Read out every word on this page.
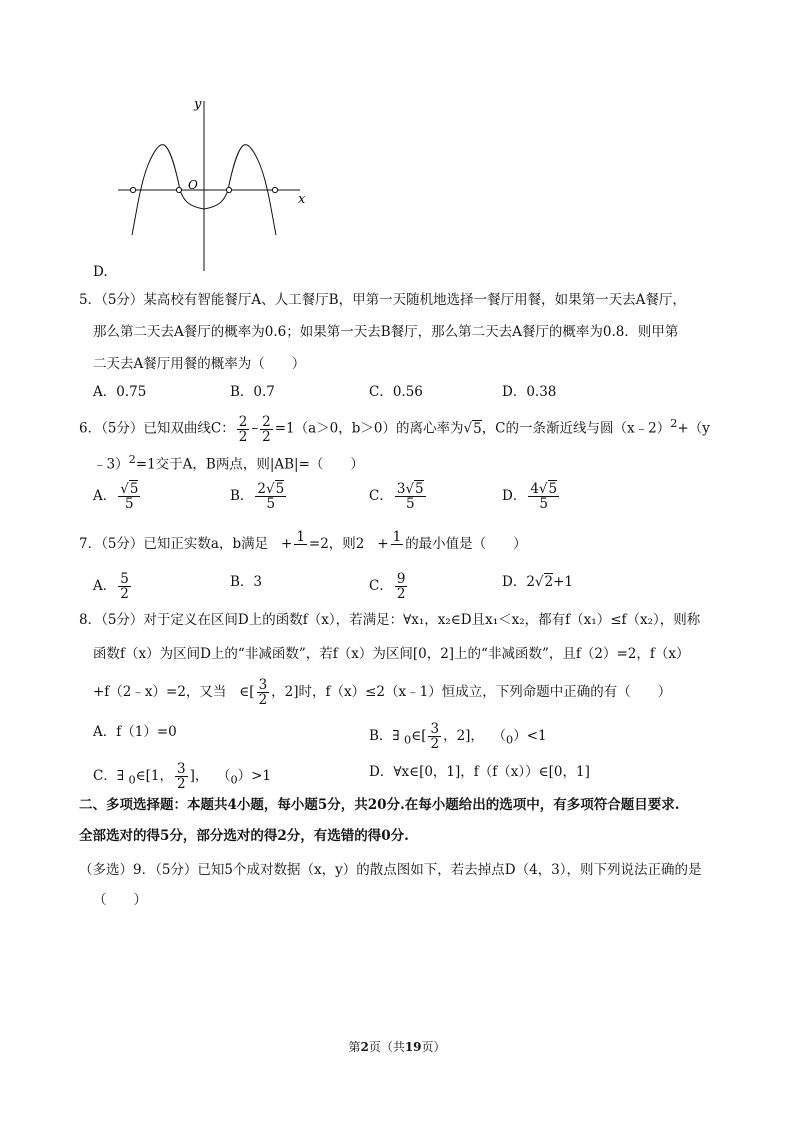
y
x
O
D.
5．（5分）某高校有智能餐厅A、人工餐厅B，甲第一天随机地选择一餐厅用餐，如果第一天去A餐厅，
那么第二天去A餐厅的概率为0.6；如果第一天去B餐厅，那么第二天去A餐厅的概率为0.8．则甲第
二天去A餐厅用餐的概率为（　　）
A．0.75	B．0.7	C．0.56	D．0.38
6．（5分）已知双曲线C： $\frac{2}{2} - \frac{2}{2} =1(a>0$，b＞0）的离心率为√5，C的一条渐近线与圆（x﹣2）$^2$+（y
﹣3）$^2$=1交于A，B两点，则|AB|=（　　）
A． $\frac{√5}{5}$	B． $\frac{2√5}{5}$	C． $\frac{3√5}{5}$	D． $\frac{4√5}{5}$
7．（5分）已知正实数a，b满足 + 1
=2，则2 + 1
的最小值是（　　）
A． $\frac{5}{2}$	B．3	C． $\frac{9}{2}$	D．2√2+1
8．（5分）对于定义在区间D上的函数f（x），若满足：∀x₁，x₂∈D且x₁＜x₂，都有f（x₁）≤f（x₂），则称
函数f（x）为区间D上的“非减函数”，若f（x）为区间[0，2]上的“非减函数”，且f（2）=2，f（x）
+f（2﹣x）=2，又当 ∈[ $\frac{3}{2}$ ，2]时，f（x）≤2（x﹣1）恒成立，下列命题中正确的有（　　）
A．f（1）=0	B．∃ $_0$∈[ $\frac{3}{2}$ ，2]， $(_0)<1$
C．∃ $_0$∈[1， $\frac{3}{2}$ ]， $(_0)>1$	D．∀x∈[0，1]，f（f（x））∈[0，1]
二、多项选择题：本题共4小题，每小题5分，共20分.在每小题给出的选项中，有多项符合题目要求.
全部选对的得5分，部分选对的得2分，有选错的得0分.
（多选）9．（5分）已知5个成对数据（x，y）的散点图如下，若去掉点D（4，3），则下列说法正确的是
（　　）
第2页（共19页）
